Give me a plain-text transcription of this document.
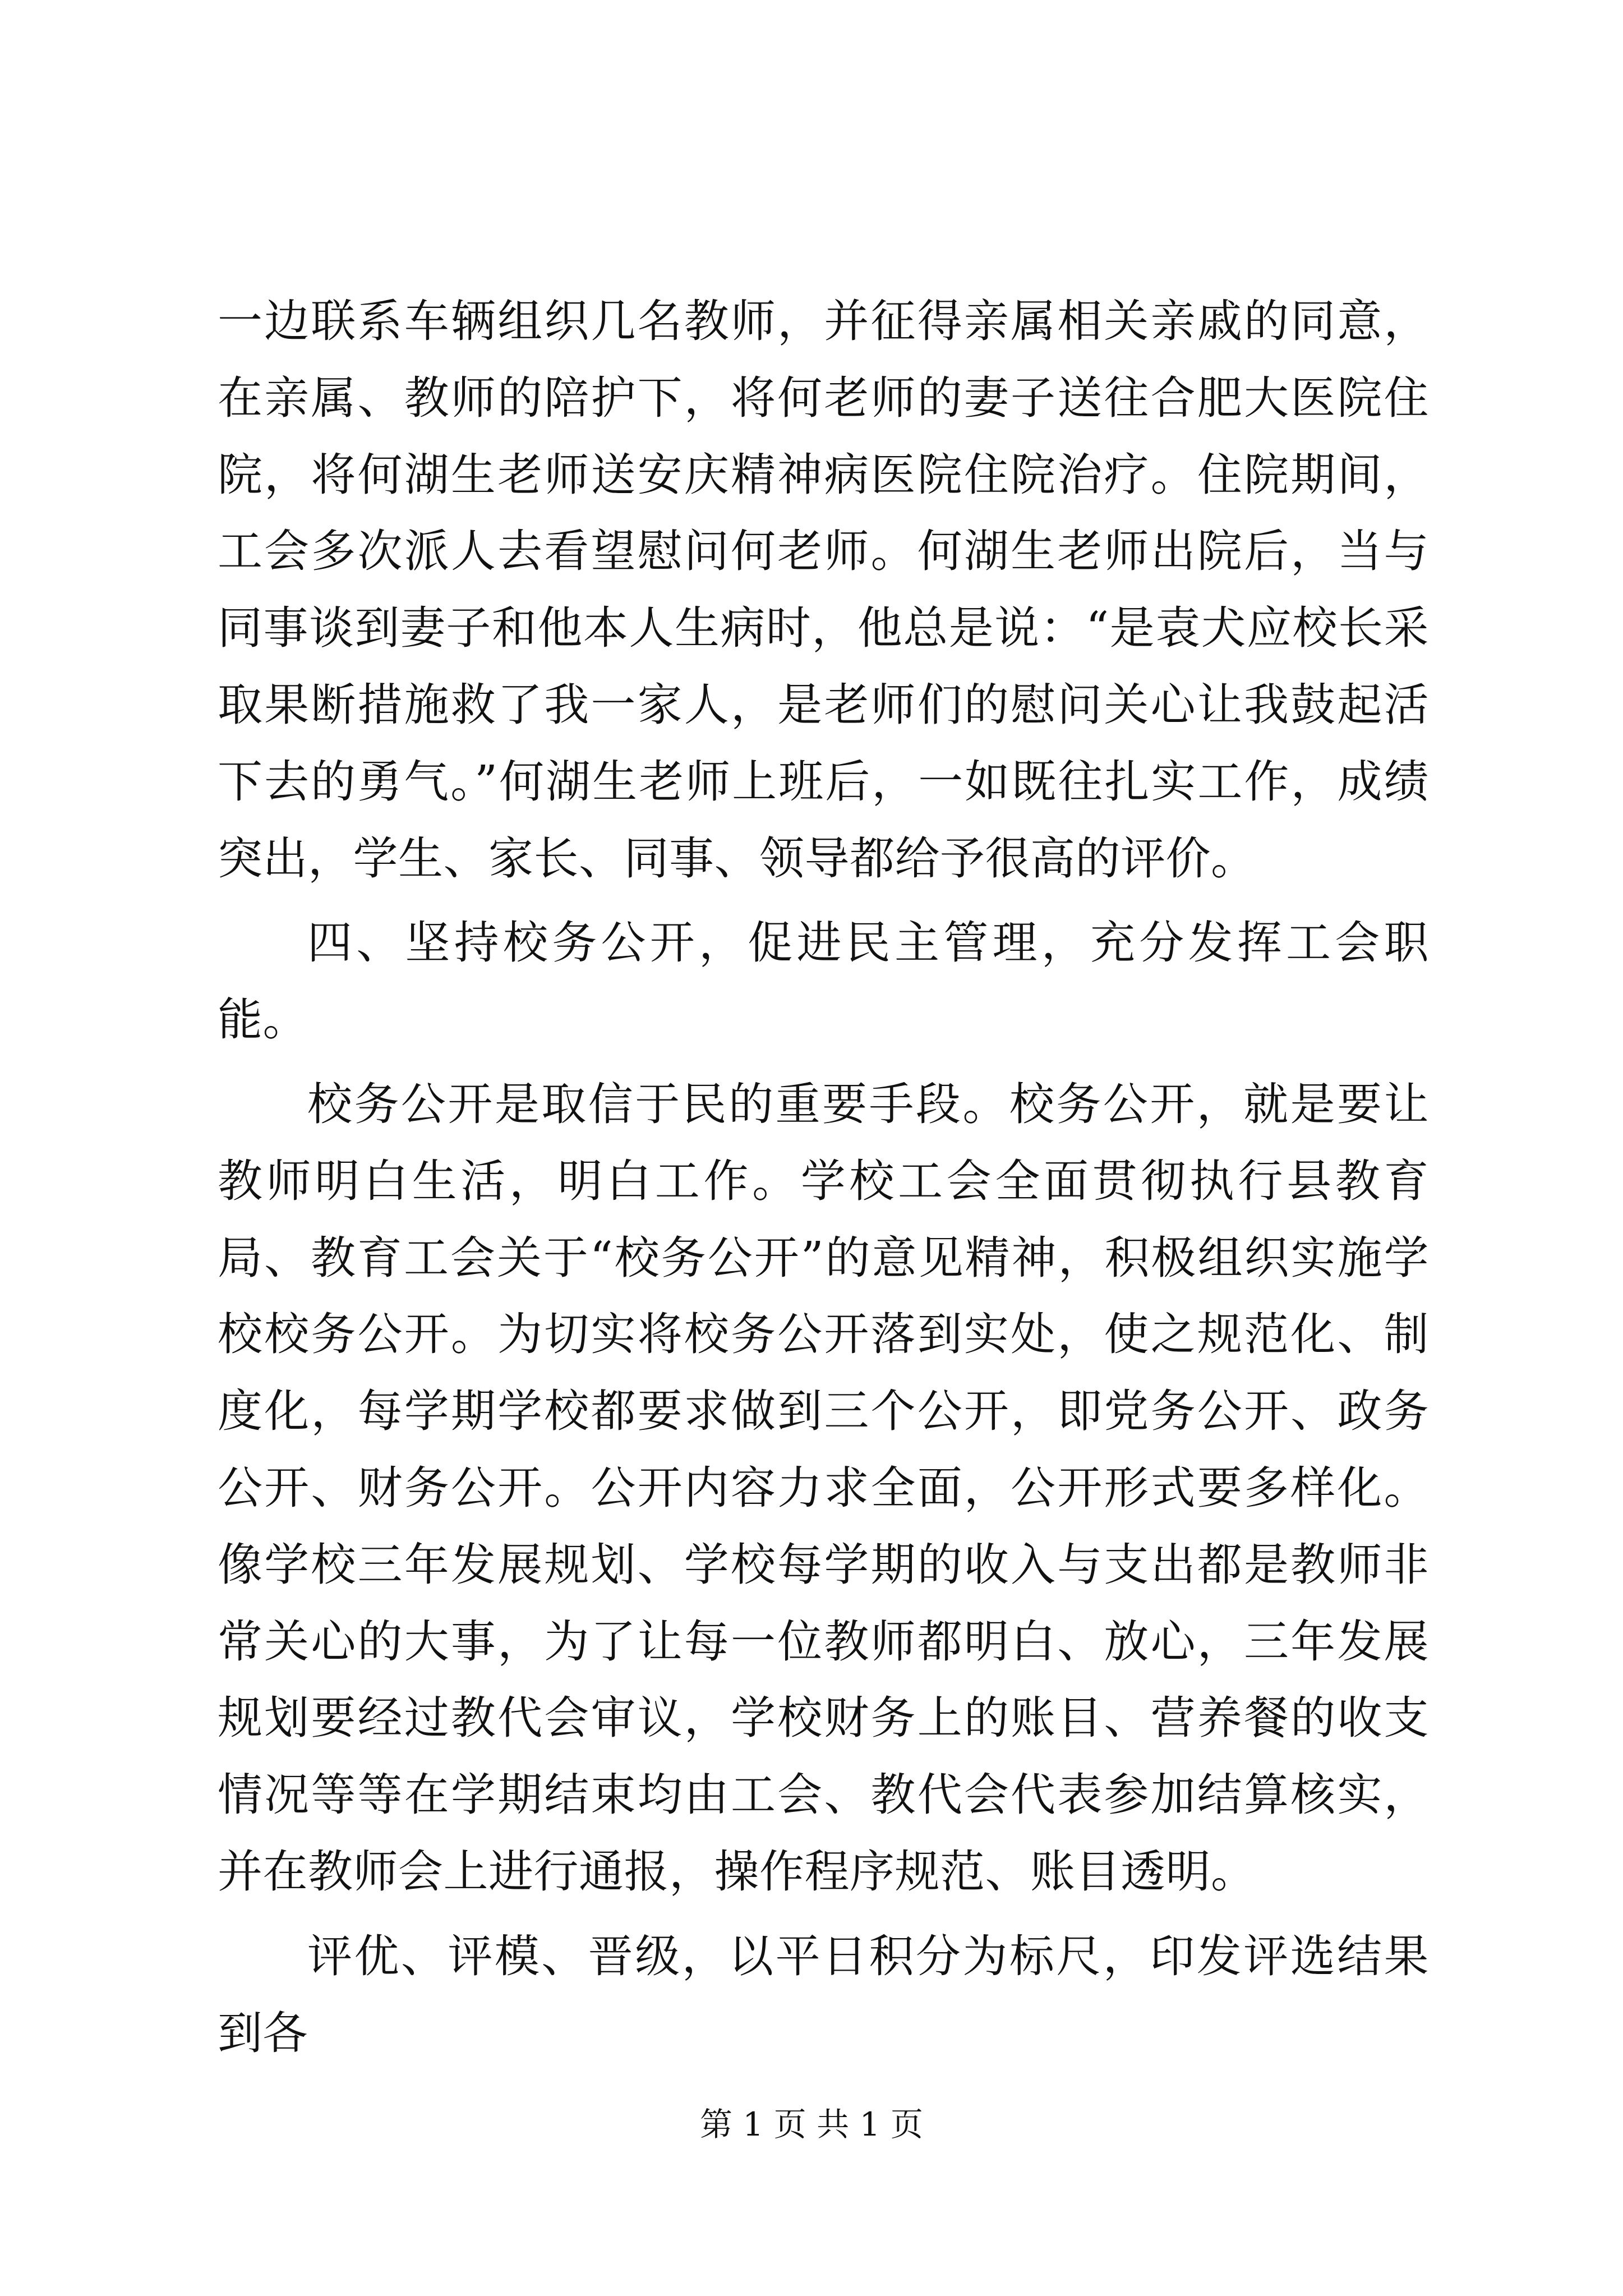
一边联系车辆组织几名教师，并征得亲属相关亲戚的同意，在亲属、教师的陪护下，将何老师的妻子送往合肥大医院住院，将何湖生老师送安庆精神病医院住院治疗。住院期间，工会多次派人去看望慰问何老师。何湖生老师出院后，当与同事谈到妻子和他本人生病时，他总是说：“是袁犬应校长采取果断措施救了我一家人，是老师们的慰问关心让我鼓起活下去的勇气。”何湖生老师上班后，一如既往扎实工作，成绩突出，学生、家长、同事、领导都给予很高的评价。

四、坚持校务公开，促进民主管理，充分发挥工会职能。

校务公开是取信于民的重要手段。校务公开，就是要让教师明白生活，明白工作。学校工会全面贯彻执行县教育局、教育工会关于“校务公开”的意见精神，积极组织实施学校校务公开。为切实将校务公开落到实处，使之规范化、制度化，每学期学校都要求做到三个公开，即党务公开、政务公开、财务公开。公开内容力求全面，公开形式要多样化。像学校三年发展规划、学校每学期的收入与支出都是教师非常关心的大事，为了让每一位教师都明白、放心，三年发展规划要经过教代会审议，学校财务上的账目、营养餐的收支情况等等在学期结束均由工会、教代会代表参加结算核实，并在教师会上进行通报，操作程序规范、账目透明。

评优、评模、晋级，以平日积分为标尺，印发评选结果到各

第 1 页 共 1 页
